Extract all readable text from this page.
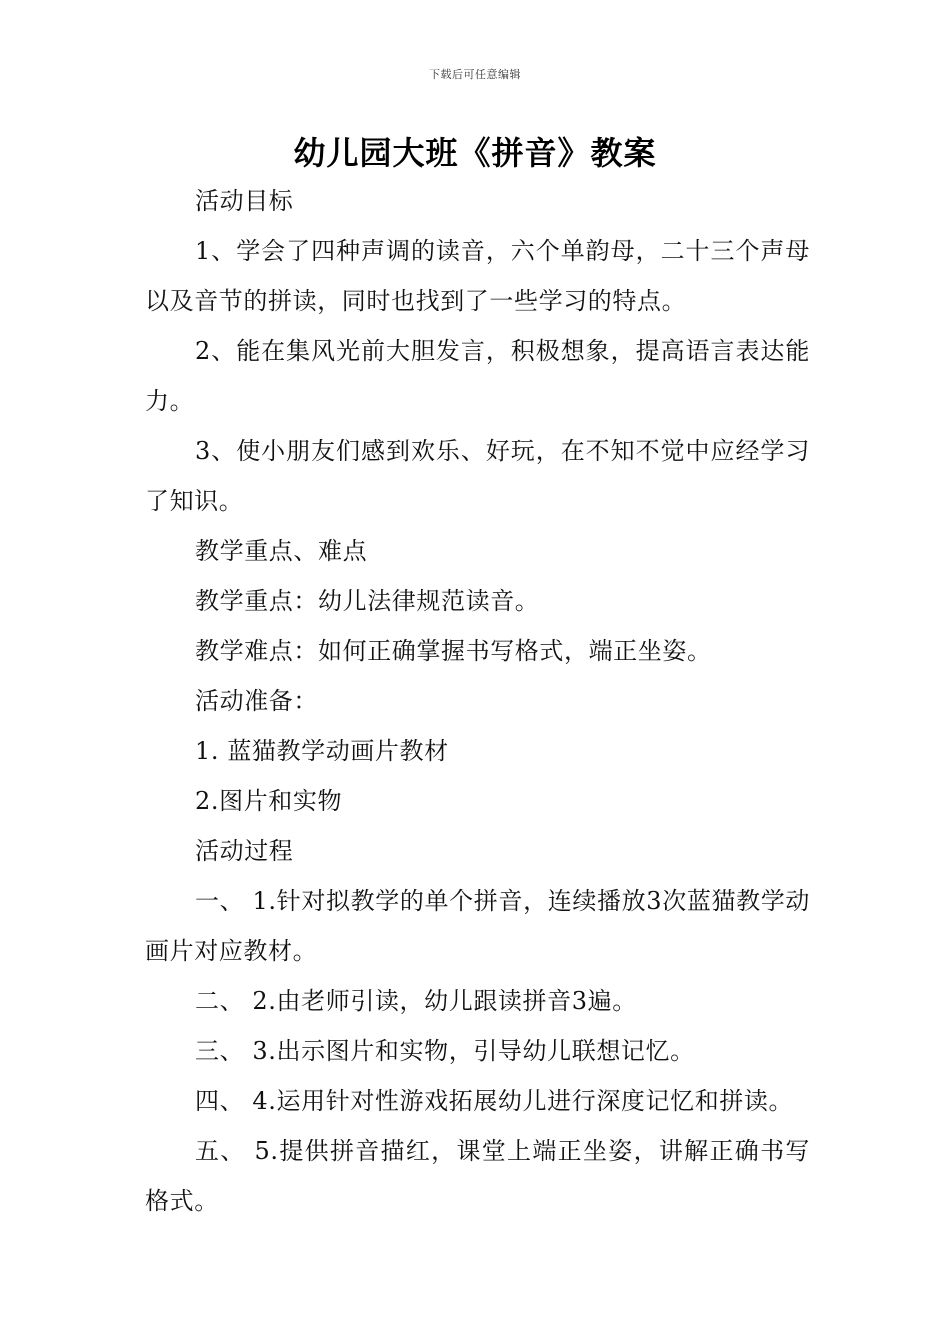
下载后可任意编辑
幼儿园大班《拼音》教案

活动目标

1、学会了四种声调的读音，六个单韵母，二十三个声母以及音节的拼读，同时也找到了一些学习的特点。

2、能在集风光前大胆发言，积极想象，提高语言表达能力。

3、使小朋友们感到欢乐、好玩，在不知不觉中应经学习了知识。

教学重点、难点

教学重点：幼儿法律规范读音。

教学难点：如何正确掌握书写格式，端正坐姿。

活动准备：

1. 蓝猫教学动画片教材

2.图片和实物

活动过程

一、 1.针对拟教学的单个拼音，连续播放3次蓝猫教学动画片对应教材。

二、 2.由老师引读，幼儿跟读拼音3遍。

三、 3.出示图片和实物，引导幼儿联想记忆。

四、 4.运用针对性游戏拓展幼儿进行深度记忆和拼读。

五、 5.提供拼音描红，课堂上端正坐姿，讲解正确书写格式。
